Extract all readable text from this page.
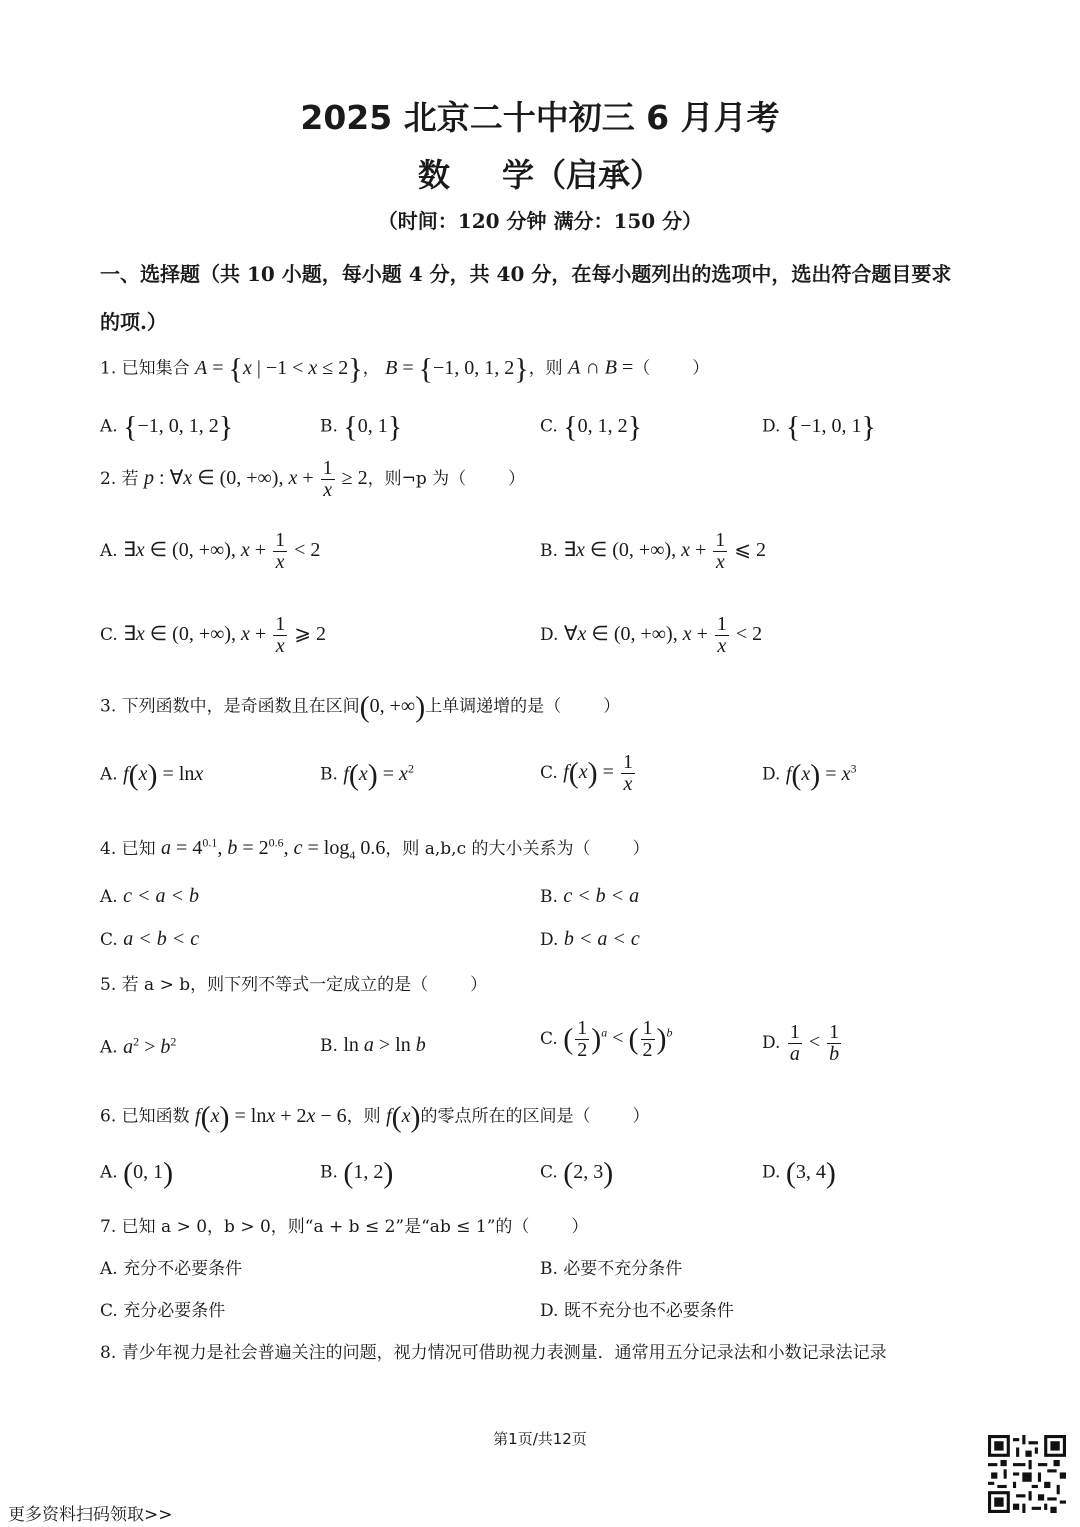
2025 北京二十中初三 6 月月考
数 学（启承）
（时间：120 分钟 满分：150 分）
一、选择题（共 10 小题，每小题 4 分，共 40 分，在每小题列出的选项中，选出符合题目要求
的项.）
1. 已知集合 A = {x | −1 < x ≤ 2}， B = {−1, 0, 1, 2}，则 A ∩ B =（ ）
A. {−1, 0, 1, 2}	B. {0, 1}	C. {0, 1, 2}	D. {−1, 0, 1}
2. 若 p : ∀x ∈ (0, +∞), $x + \frac{1}{x} \ge 2$，则¬p 为（ ）
A. ∃x ∈ (0, +∞), $x + \frac{1}{x} < 2$	B. ∃x ∈ (0, +∞), $x + \frac{1}{x}$ ⩽ 2
C. ∃x ∈ (0, +∞), $x + \frac{1}{x}$ ⩾ 2	D. ∀x ∈ (0, +∞), $x + \frac{1}{x} < 2$
3. 下列函数中，是奇函数且在区间(0, +∞)上单调递增的是（ ）
A. f(x) = lnx	B. $f(x) = x^2$	C. $f(x) = \frac{1}{x}$	D. $f(x) = x^3$
4. 已知 $a = 4^{0.1}$, $b = 2^{0.6}$, $c = \log_4 0.6$，则 a,b,c 的大小关系为（ ）
A. c < a < b	B. c < b < a
C. a < b < c	D. b < a < c
5. 若 a > b，则下列不等式一定成立的是（ ）
A. $a^2 > b^2$	B. ln a > ln b	C. ( $\frac{1}{2} )^a$ < ( $\frac{1}{2} )^b$
D. $\frac{1}{a} < \frac{1}{b}$
6. 已知函数 f(x) = lnx + 2x − 6，则 f(x)的零点所在的区间是（ ）
A. (0, 1)	B. (1, 2)	C. (2, 3)	D. (3, 4)
7. 已知 a > 0，b > 0，则“a + b ≤ 2”是“ab ≤ 1”的（ ）
A. 充分不必要条件	B. 必要不充分条件
C. 充分必要条件	D. 既不充分也不必要条件
8. 青少年视力是社会普遍关注的问题，视力情况可借助视力表测量．通常用五分记录法和小数记录法记录
第1页/共12页
更多资料扫码领取>>
